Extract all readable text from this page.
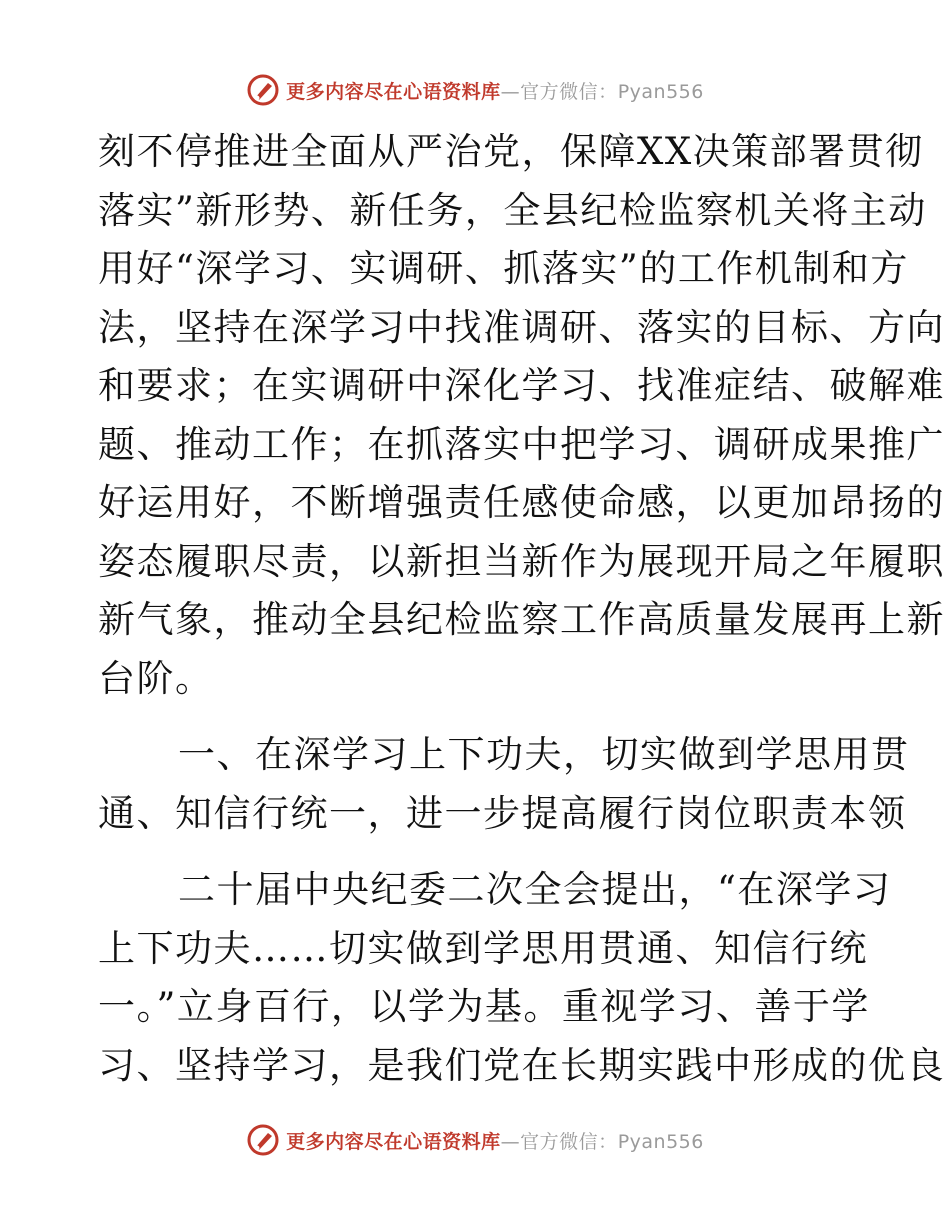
更多内容尽在心语资料库 —官方微信：Pyan556
刻不停推进全面从严治党，保障XX决策部署贯彻
落实”新形势、新任务，全县纪检监察机关将主动
用好“深学习、实调研、抓落实”的工作机制和方
法，坚持在深学习中找准调研、落实的目标、方向
和要求；在实调研中深化学习、找准症结、破解难
题、推动工作；在抓落实中把学习、调研成果推广
好运用好，不断增强责任感使命感，以更加昂扬的
姿态履职尽责，以新担当新作为展现开局之年履职
新气象，推动全县纪检监察工作高质量发展再上新
台阶。
一、在深学习上下功夫，切实做到学思用贯
通、知信行统一，进一步提高履行岗位职责本领
二十届中央纪委二次全会提出，“在深学习
上下功夫……切实做到学思用贯通、知信行统
一。”立身百行，以学为基。重视学习、善于学
习、坚持学习，是我们党在长期实践中形成的优良
更多内容尽在心语资料库 —官方微信：Pyan556
